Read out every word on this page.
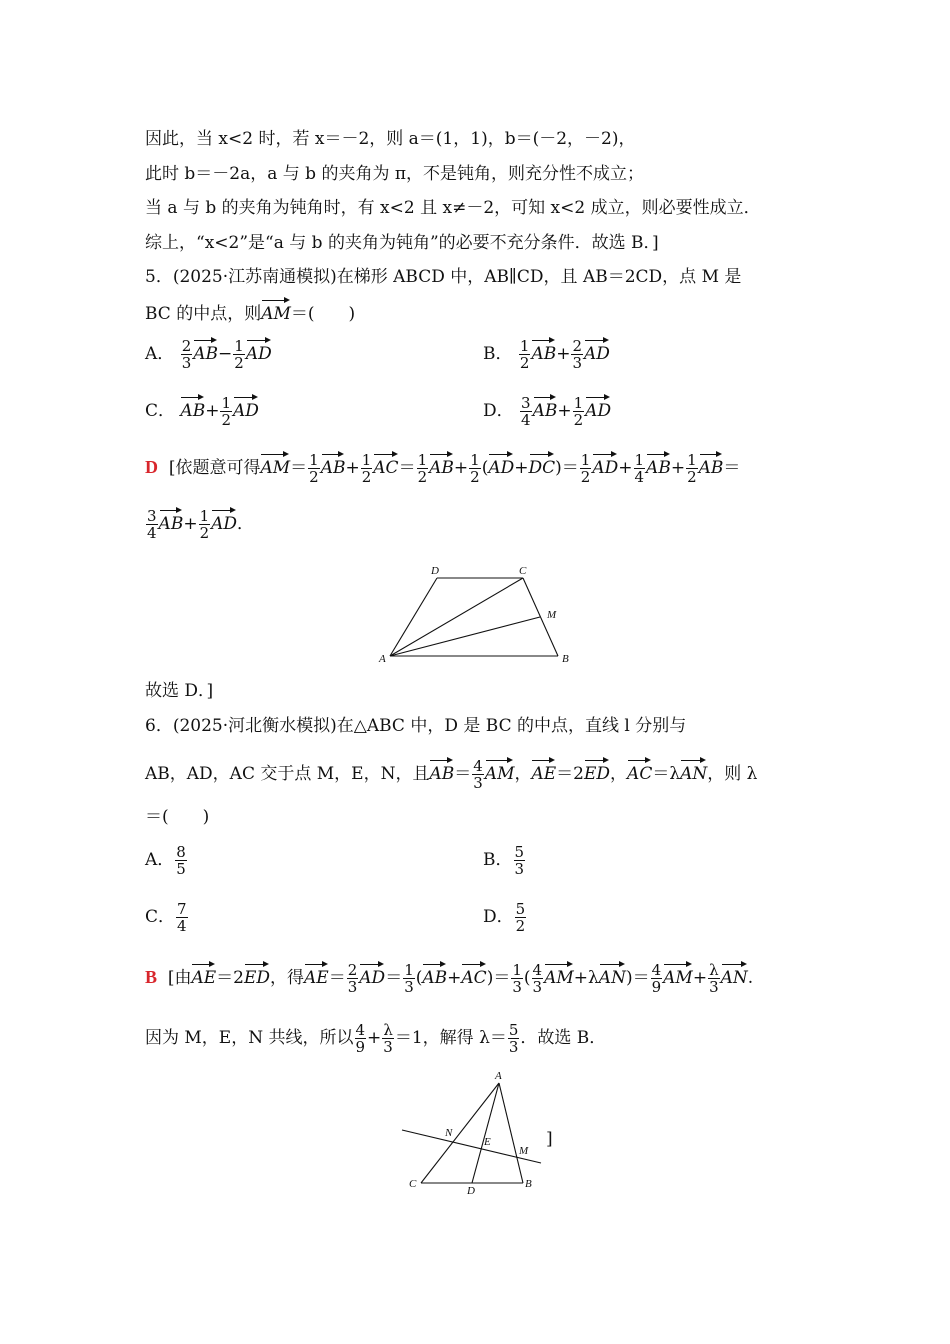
因此，当 x<2 时，若 x＝－2，则 a＝(1，1)，b＝(－2，－2)，
此时 b＝－2a，a 与 b 的夹角为 π，不是钝角，则充分性不成立；
当 a 与 b 的夹角为钝角时，有 x<2 且 x≠－2，可知 x<2 成立，则必要性成立．
综上，“x<2”是“a 与 b 的夹角为钝角”的必要不充分条件．故选 B．]
5．(2025·江苏南通模拟)在梯形 ABCD 中，AB∥CD，且 AB＝2CD，点 M 是
BC 的中点，则AM＝(　　)
A． $\frac{2}{3} AB- \frac{1}{2}$ AD	B． $\frac{1}{2} AB+ \frac{2}{3}$ AD
C． $AB+ \frac{1}{2}$ AD	D． $\frac{3}{4} AB+ \frac{1}{2}$ AD
D [依题意可得$AM= \frac{1}{2} AB+ \frac{1}{2} AC= \frac{1}{2} AB+ \frac{1}{2} (AD+DC)= \frac{1}{2} AD+ \frac{1}{4} AB+ \frac{1}{2} AB=$
$\frac{3}{4} AB+ \frac{1}{2}$ AD．
D	C
M
A	B
故选 D．]
6．(2025·河北衡水模拟)在△ABC 中，D 是 BC 的中点，直线 l 分别与
AB，AD，AC 交于点 M，E，N，且$AB= \frac{4}{3}$ AM，AE＝2ED，AC＝λAN，则 λ
＝(　　)
A． $\frac{8}{5}$	B． $\frac{5}{3}$
C． $\frac{7}{4}$	D． $\frac{5}{2}$
B [由AE＝2ED，得$AE= \frac{2}{3} AD= \frac{1}{3} (AB+AC)= \frac{1}{3}$ ( $\frac{4}{3} AM+\lambda AN)= \frac{4}{9} AM+ \frac{\lambda}{3}$ AN.
因为 M，E，N 共线，所以 $\frac{4}{9} + \frac{\lambda}{3} =1$，解得 $\lambda= \frac{5}{3}$ ．故选 B．
A
N
E
M
C
D
B
]
